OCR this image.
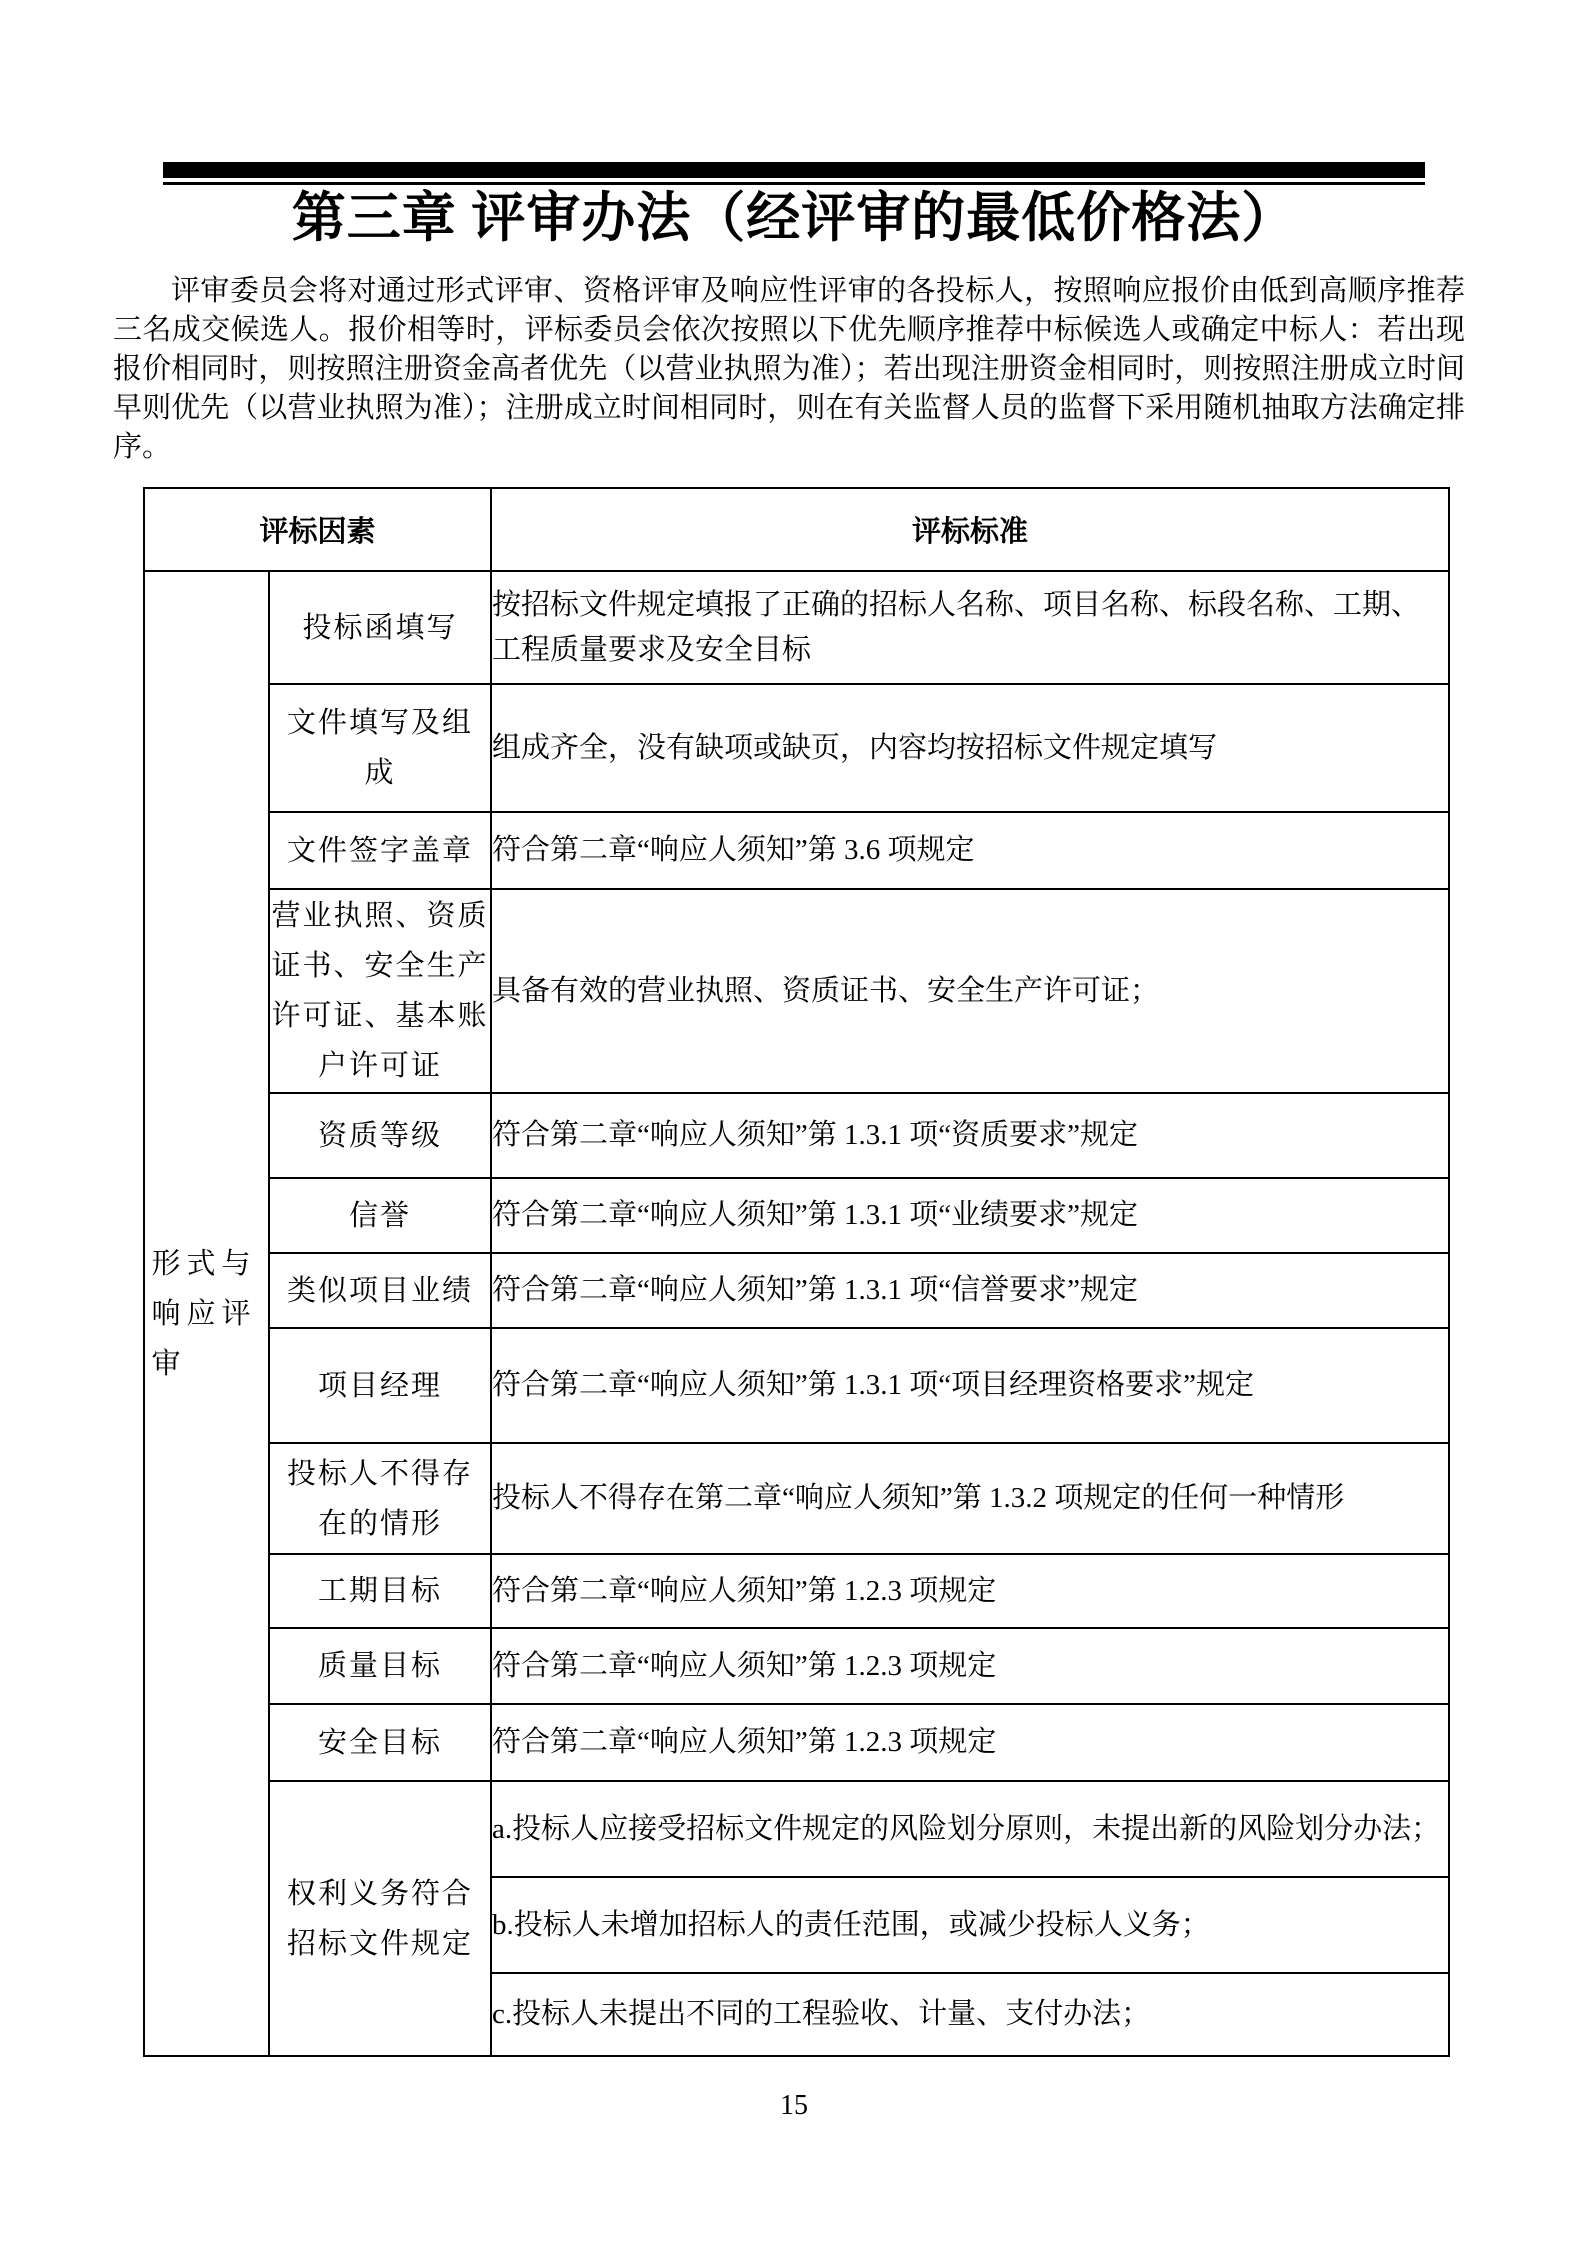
第三章 评审办法（经评审的最低价格法）

评审委员会将对通过形式评审、资格评审及响应性评审的各投标人，按照响应报价由低到高顺序推荐三名成交候选人。报价相等时，评标委员会依次按照以下优先顺序推荐中标候选人或确定中标人：若出现报价相同时，则按照注册资金高者优先（以营业执照为准）；若出现注册资金相同时，则按照注册成立时间早则优先（以营业执照为准）；注册成立时间相同时，则在有关监督人员的监督下采用随机抽取方法确定排序。

评标因素		评标标准
形式与响应评审	投标函填写	按招标文件规定填报了正确的招标人名称、项目名称、标段名称、工期、工程质量要求及安全目标
	文件填写及组成	组成齐全，没有缺项或缺页，内容均按招标文件规定填写
	文件签字盖章	符合第二章“响应人须知”第 3.6 项规定
	营业执照、资质证书、安全生产许可证、基本账户许可证	具备有效的营业执照、资质证书、安全生产许可证；
	资质等级	符合第二章“响应人须知”第 1.3.1 项“资质要求”规定
	信誉	符合第二章“响应人须知”第 1.3.1 项“业绩要求”规定
	类似项目业绩	符合第二章“响应人须知”第 1.3.1 项“信誉要求”规定
	项目经理	符合第二章“响应人须知”第 1.3.1 项“项目经理资格要求”规定
	投标人不得存在的情形	投标人不得存在第二章“响应人须知”第 1.3.2 项规定的任何一种情形
	工期目标	符合第二章“响应人须知”第 1.2.3 项规定
	质量目标	符合第二章“响应人须知”第 1.2.3 项规定
	安全目标	符合第二章“响应人须知”第 1.2.3 项规定
	权利义务符合招标文件规定	a.投标人应接受招标文件规定的风险划分原则，未提出新的风险划分办法；
		b.投标人未增加招标人的责任范围，或减少投标人义务；
		c.投标人未提出不同的工程验收、计量、支付办法；
15
